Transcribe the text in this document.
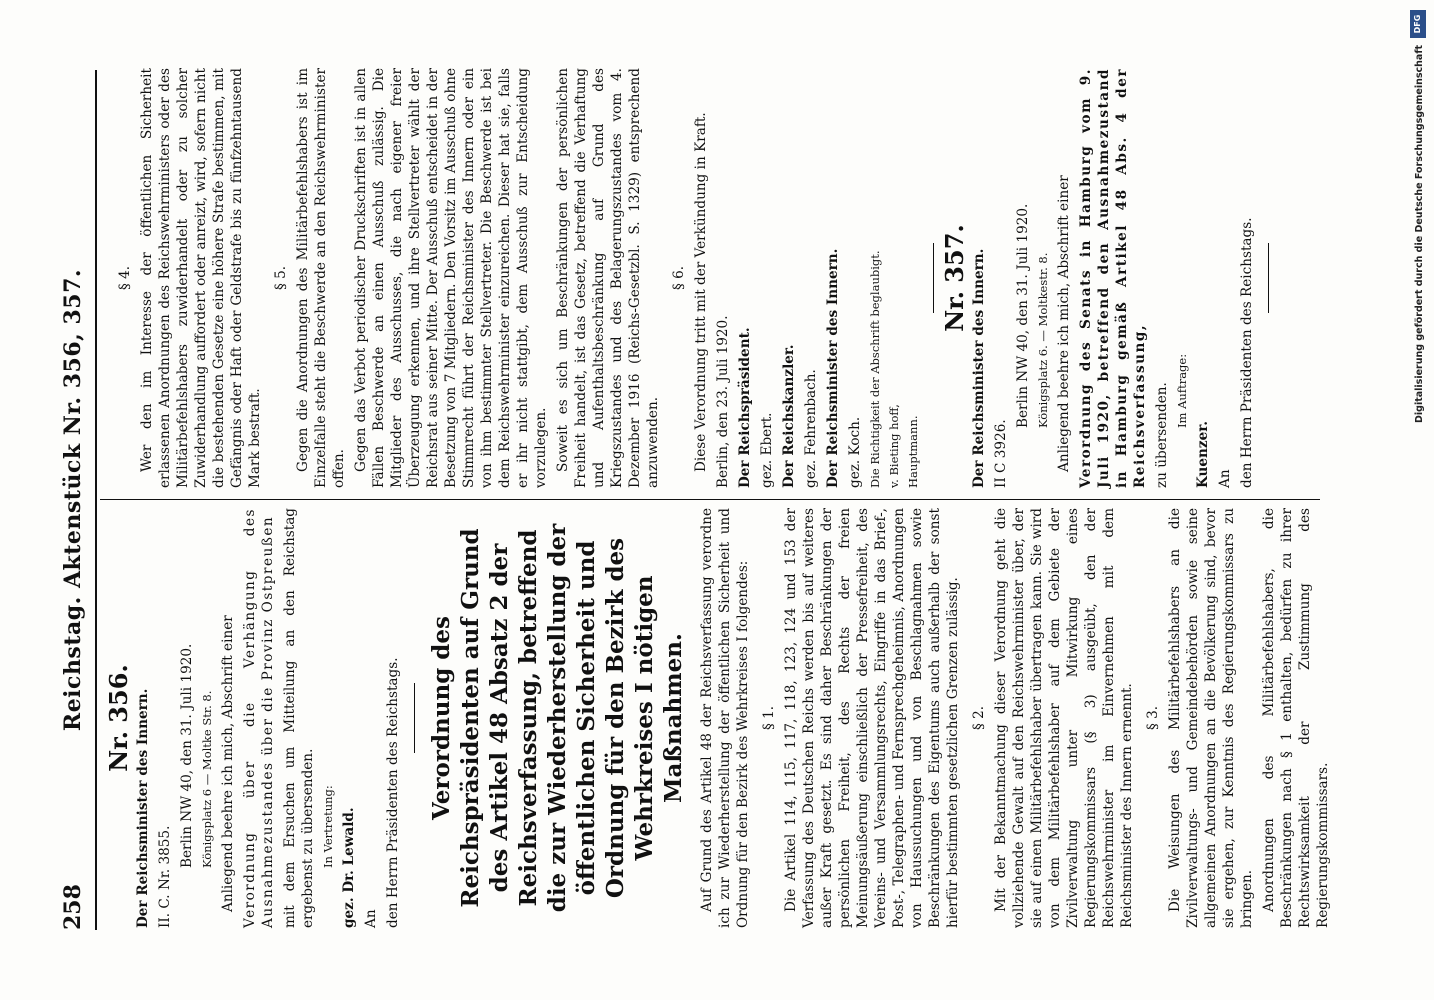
258
Reichstag. Aktenstück Nr. 356, 357. Nr. 356. Der Reichsminister des Innern. II. C. Nr. 3855.

Berlin NW 40, den 31. Juli 1920. Königsplatz 6 — Moltke Str. 8. Anliegend beehre ich mich, Abschrift einer Verordnung über die Verhängung des Ausnahmezustandes über die Provinz Ostpreußen mit dem Ersuchen um Mitteilung an den Reichstag ergebenst zu übersenden. In Vertretung: gez. Dr. Lewald. An den Herrn Präsidenten des Reichstags. Verordnung des Reichspräsidenten auf Grund des Artikel 48 Absatz 2 der Reichsverfassung, betreffend die zur Wiederherstellung der öffentlichen Sicherheit und Ordnung für den Bezirk des Wehrkreises I nötigen Maßnahmen. Auf Grund des Artikel 48 der Reichsverfassung verordne ich zur Wiederherstellung der öffentlichen Sicherheit und Ordnung für den Bezirk des Wehrkreises I folgendes: § 1. Die Artikel 114, 115, 117, 118, 123, 124 und 153 der Verfassung des Deutschen Reichs werden bis auf weiteres außer Kraft gesetzt. Es sind daher Beschränkungen der persönlichen Freiheit, des Rechts der freien Meinungsäußerung einschließlich der Pressefreiheit, des Vereins- und Versammlungsrechts, Eingriffe in das Brief-, Post-, Telegraphen- und Fernsprechgeheimnis, Anordnungen von Haussuchungen und von Beschlagnahmen sowie Beschränkungen des Eigentums auch außerhalb der sonst hierfür bestimmten gesetzlichen Grenzen zulässig. § 2. Mit der Bekanntmachung dieser Verordnung geht die vollziehende Gewalt auf den Reichswehrminister über, der sie auf einen Militärbefehlshaber übertragen kann. Sie wird von dem Militärbefehlshaber auf dem Gebiete der Zivilverwaltung unter Mitwirkung eines Regierungskommissars (§ 3) ausgeübt, den der Reichswehrminister im Einvernehmen mit dem Reichsminister des Innern ernennt. § 3. Die Weisungen des Militärbefehlshabers an die Zivilverwaltungs- und Gemeindebehörden sowie seine allgemeinen Anordnungen an die Bevölkerung sind, bevor sie ergehen, zur Kenntnis des Regierungskommissars zu bringen. Anordnungen des Militärbefehlshabers, die Beschränkungen nach § 1 enthalten, bedürfen zu ihrer Rechtswirksamkeit der Zustimmung des Regierungskommissars.

§ 4. Wer den im Interesse der öffentlichen Sicherheit erlassenen Anordnungen des Reichswehrministers oder des Militärbefehlshabers zuwiderhandelt oder zu solcher Zuwiderhandlung auffordert oder anreizt, wird, sofern nicht die bestehenden Gesetze eine höhere Strafe bestimmen, mit Gefängnis oder Haft oder Geldstrafe bis zu fünfzehntausend Mark bestraft.

§ 5. Gegen die Anordnungen des Militärbefehlshabers ist im Einzelfalle steht die Beschwerde an den Reichswehrminister offen. Gegen das Verbot periodischer Druckschriften ist in allen Fällen Beschwerde an einen Ausschuß zulässig. Die Mitglieder des Ausschusses, die nach eigener freier Überzeugung erkennen, und ihre Stellvertreter wählt der Reichsrat aus seiner Mitte. Der Ausschuß entscheidet in der Besetzung von 7 Mitgliedern. Den Vorsitz im Ausschuß ohne Stimmrecht führt der Reichsminister des Innern oder ein von ihm bestimmter Stellvertreter. Die Beschwerde ist bei dem Reichswehrminister einzureichen. Dieser hat sie, falls er ihr nicht stattgibt, dem Ausschuß zur Entscheidung vorzulegen. Soweit es sich um Beschränkungen der persönlichen Freiheit handelt, ist das Gesetz, betreffend die Verhaftung und Aufenthaltsbeschränkung auf Grund des Kriegszustandes und des Belagerungszustandes vom 4. Dezember 1916 (Reichs-Gesetzbl. S. 1329) entsprechend anzuwenden.

§ 6. Diese Verordnung tritt mit der Verkündung in Kraft. Berlin, den 23. Juli 1920. Der Reichspräsident. gez. Ebert. Der Reichskanzler. gez. Fehrenbach. Der Reichsminister des Innern. gez. Koch. Die Richtigkeit der Abschrift beglaubigt. v. Bieting hoff, Hauptmann.

Nr. 357. Der Reichsminister des Innern. II C 3926.

Berlin NW 40, den 31. Juli 1920. Königsplatz 6. — Moltkestr. 8. Anliegend beehre ich mich, Abschrift einer Verordnung des Senats in Hamburg vom 9. Juli 1920, betreffend den Ausnahmezustand in Hamburg gemäß Artikel 48 Abs. 4 der Reichsverfassung, zu übersenden. Im Auftrage:

Kuenzer. An den Herrn Präsidenten des Reichstags.	Digitalisierung gefördert durch die Deutsche Forschungsgemeinschaft
DFG
